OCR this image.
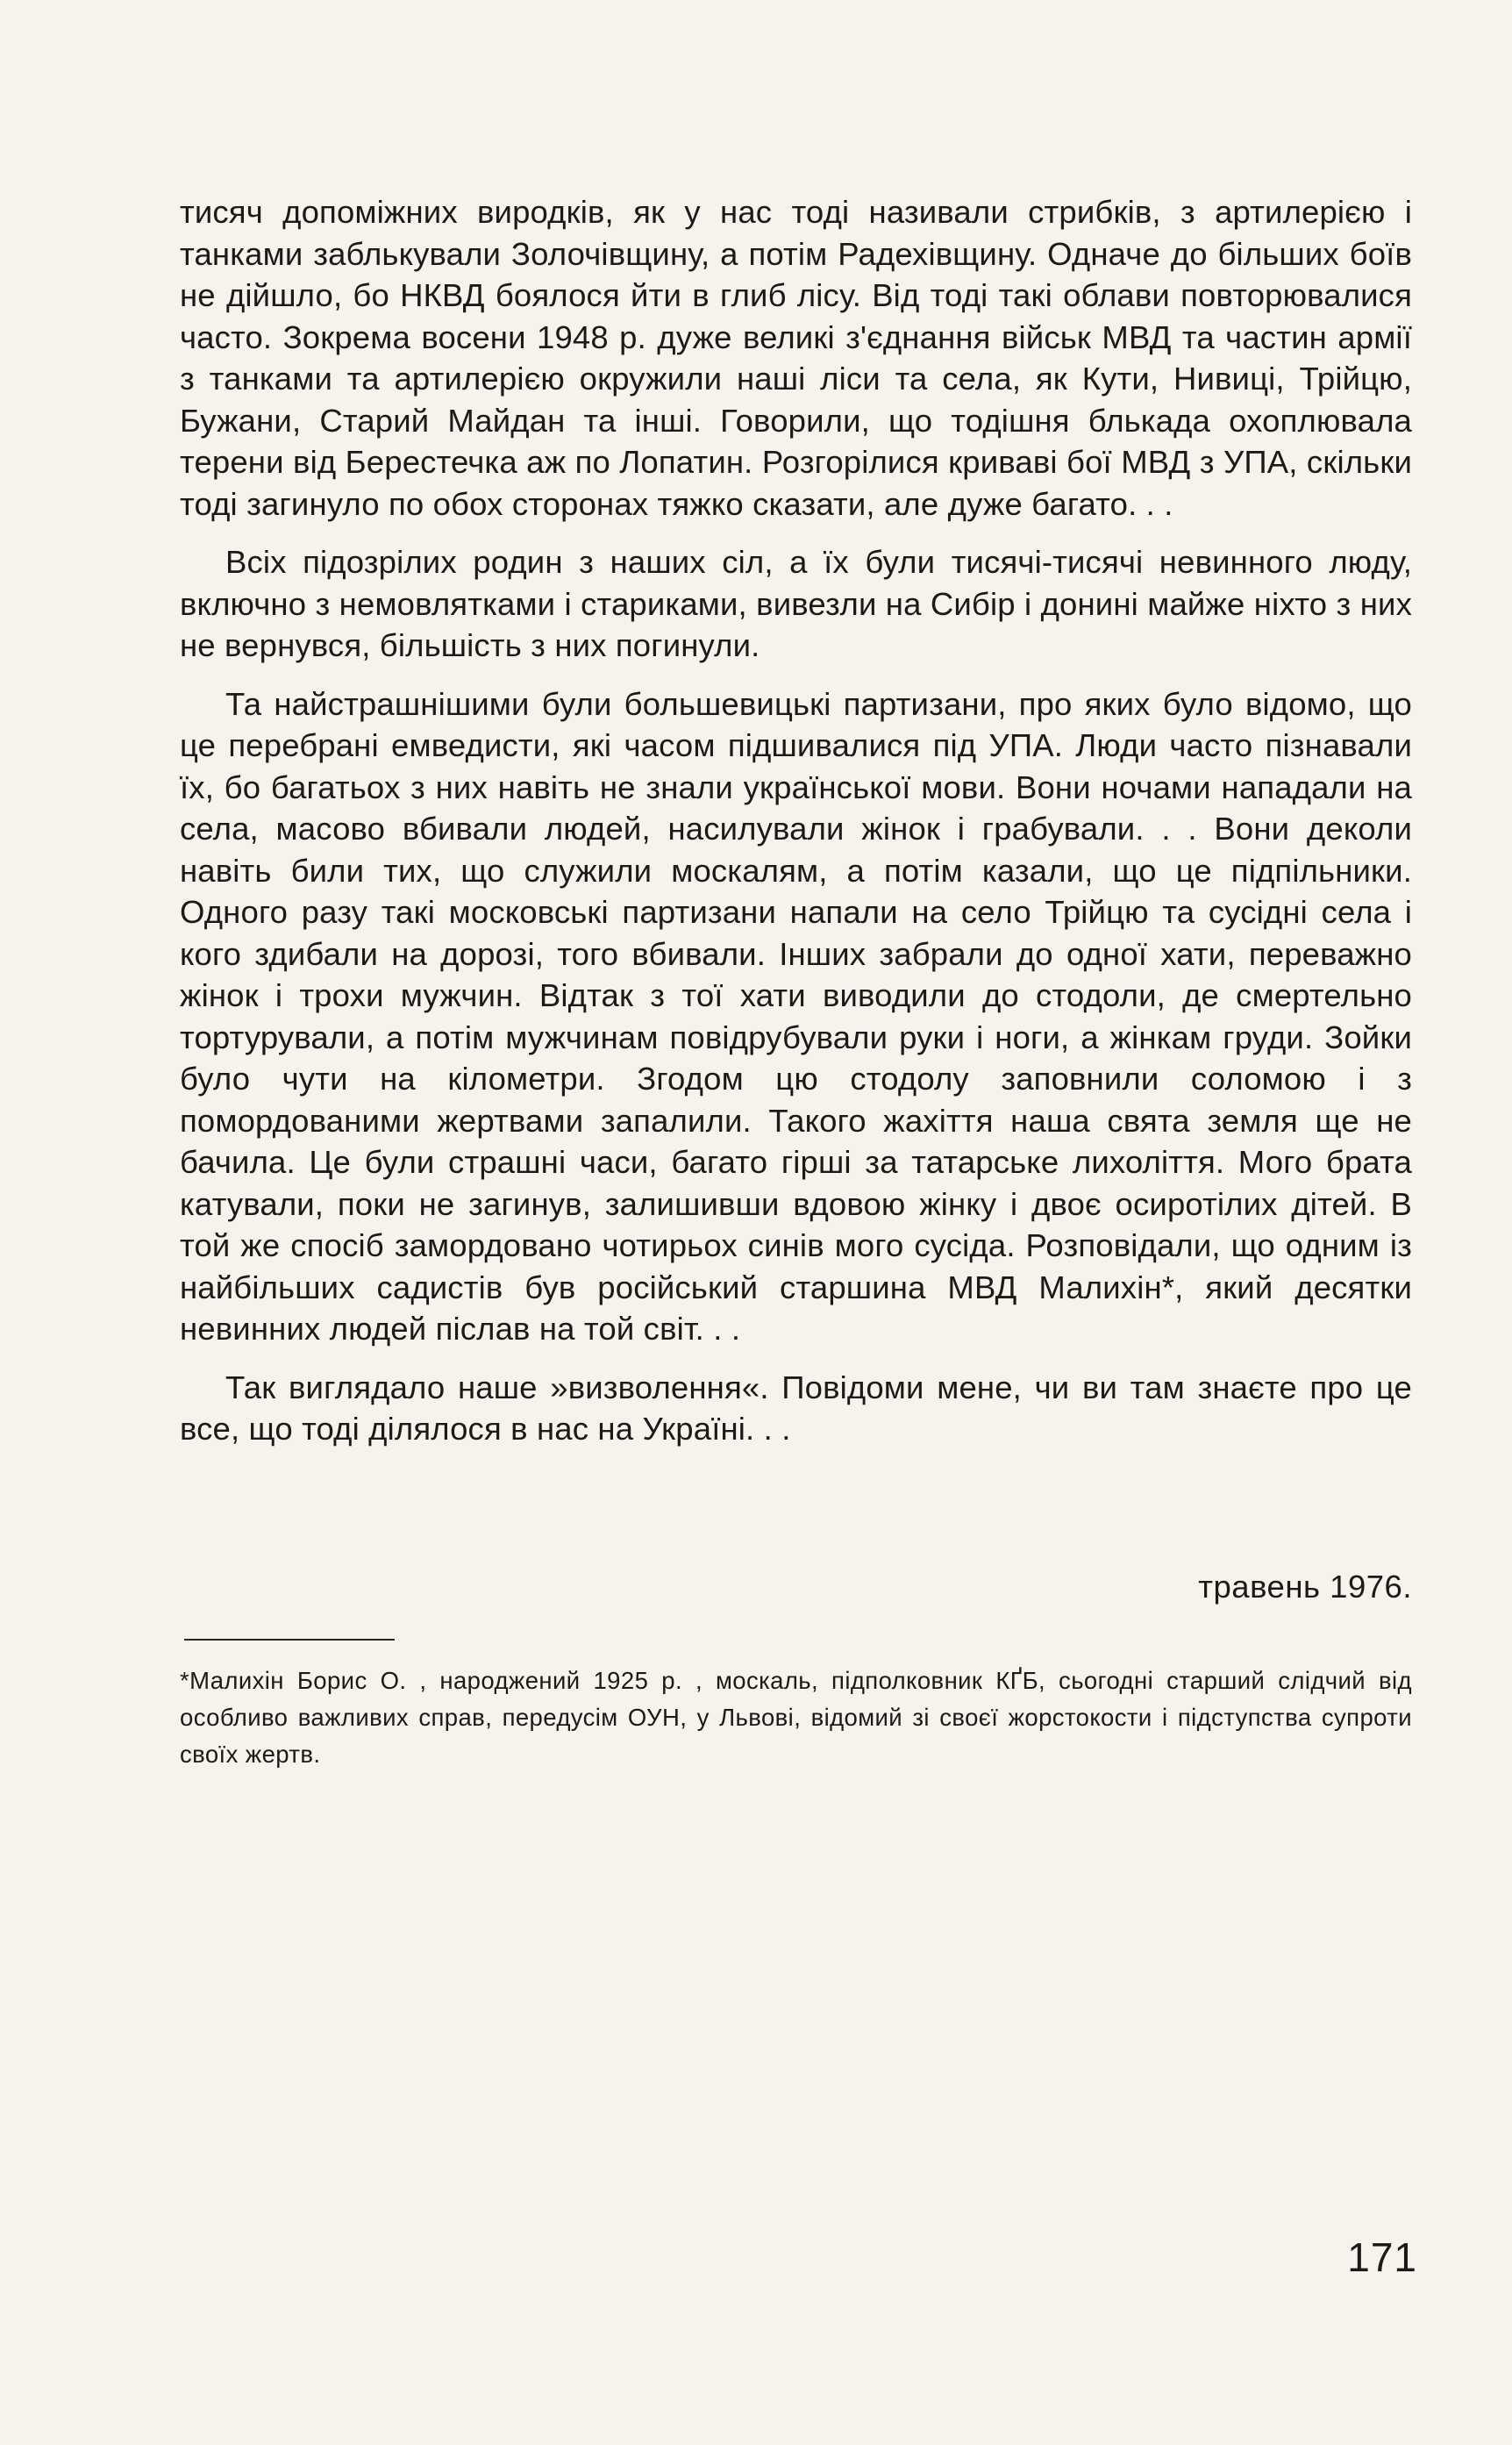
тисяч допоміжних виродків, як у нас тоді називали стрибків, з артилерією і танками заблькували Золочівщину, а потім Радехівщину. Одначе до більших боїв не дійшло, бо НКВД боялося йти в глиб лісу. Від тоді такі облави повторювалися часто. Зокрема восени 1948 р. дуже великі з'єднання військ МВД та частин армії з танками та артилерією окружили наші ліси та села, як Кути, Нивиці, Трійцю, Бужани, Старий Майдан та інші. Говорили, що тодішня блькада охоплювала терени від Берестечка аж по Лопатин. Розгорілися криваві бої МВД з УПА, скільки тоді загинуло по обох сторонах тяжко сказати, але дуже багато. . .

Всіх підозрілих родин з наших сіл, а їх були тисячі-тисячі невинного люду, включно з немовлятками і стариками, вивезли на Сибір і донині майже ніхто з них не вернувся, більшість з них погинули.

Та найстрашнішими були большевицькі партизани, про яких було відомо, що це перебрані емведисти, які часом підшивалися під УПА. Люди часто пізнавали їх, бо багатьох з них навіть не знали української мови. Вони ночами нападали на села, масово вбивали людей, насилували жінок і грабували. . . Вони деколи навіть били тих, що служили москалям, а потім казали, що це підпільники. Одного разу такі московські партизани напали на село Трійцю та сусідні села і кого здибали на дорозі, того вбивали. Інших забрали до одної хати, переважно жінок і трохи мужчин. Відтак з тої хати виводили до стодоли, де смертельно тортурували, а потім мужчинам повідрубували руки і ноги, а жінкам груди. Зойки було чути на кілометри. Згодом цю стодолу заповнили соломою і з помордованими жертвами запалили. Такого жахіття наша свята земля ще не бачила. Це були страшні часи, багато гірші за татарське лихоліття. Мого брата катували, поки не загинув, залишивши вдовою жінку і двоє осиротілих дітей. В той же спосіб замордовано чотирьох синів мого сусіда. Розповідали, що одним із найбільших садистів був російський старшина МВД Малихін*, який десятки невинних людей післав на той світ. . .

Так виглядало наше »визволення«. Повідоми мене, чи ви там знаєте про це все, що тоді ділялося в нас на Україні. . .

травень 1976.
*Малихін Борис О. , народжений 1925 р. , москаль, підполковник КҐБ, сьогодні старший слідчий від особливо важливих справ, передусім ОУН, у Львові, відомий зі своєї жорстокости і підступства супроти своїх жертв.
171
